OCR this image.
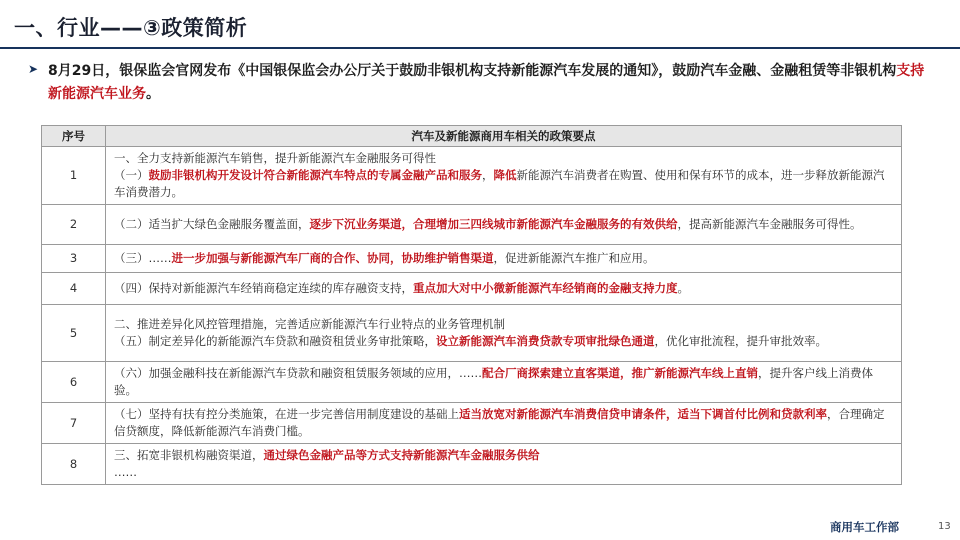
一、行业——③政策简析
➤ 8月29日，银保监会官网发布《中国银保监会办公厅关于鼓励非银机构支持新能源汽车发展的通知》，鼓励汽车金融、金融租赁等非银机构支持新能源汽车业务。
序号	汽车及新能源商用车相关的政策要点
1	一、全力支持新能源汽车销售，提升新能源汽车金融服务可得性
（一）鼓励非银机构开发设计符合新能源汽车特点的专属金融产品和服务，降低新能源汽车消费者在购置、使用和保有环节的成本，进一步释放新能源汽车消费潜力。
2	（二）适当扩大绿色金融服务覆盖面，逐步下沉业务渠道，合理增加三四线城市新能源汽车金融服务的有效供给，提高新能源汽车金融服务可得性。
3	（三）……进一步加强与新能源汽车厂商的合作、协同，协助维护销售渠道，促进新能源汽车推广和应用。
4	（四）保持对新能源汽车经销商稳定连续的库存融资支持，重点加大对中小微新能源汽车经销商的金融支持力度。
5	二、推进差异化风控管理措施，完善适应新能源汽车行业特点的业务管理机制
（五）制定差异化的新能源汽车贷款和融资租赁业务审批策略，设立新能源汽车消费贷款专项审批绿色通道，优化审批流程，提升审批效率。
6	（六）加强金融科技在新能源汽车贷款和融资租赁服务领域的应用，……配合厂商探索建立直客渠道，推广新能源汽车线上直销，提升客户线上消费体验。
7	（七）坚持有扶有控分类施策，在进一步完善信用制度建设的基础上适当放宽对新能源汽车消费信贷申请条件，适当下调首付比例和贷款利率，合理确定信贷额度，降低新能源汽车消费门槛。
8	三、拓宽非银机构融资渠道，通过绿色金融产品等方式支持新能源汽车金融服务供给
……
商用车工作部	13
